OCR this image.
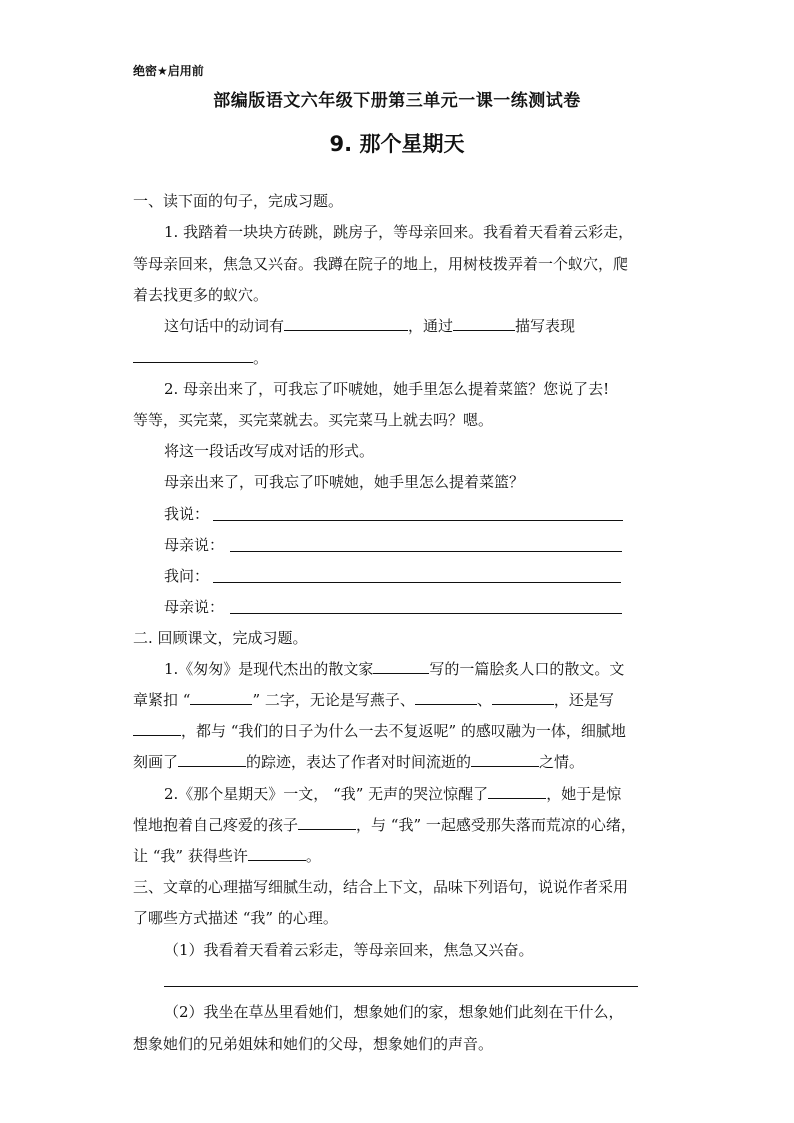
绝密★启用前
部编版语文六年级下册第三单元一课一练测试卷
9. 那个星期天
一、读下面的句子，完成习题。
1. 我踏着一块块方砖跳，跳房子，等母亲回来。我看着天看着云彩走，
等母亲回来，焦急又兴奋。我蹲在院子的地上，用树枝拨弄着一个蚁穴，爬
着去找更多的蚁穴。
这句话中的动词有	，通过	描写表现
。
2. 母亲出来了，可我忘了吓唬她，她手里怎么提着菜篮？您说了去!
等等，买完菜，买完菜就去。买完菜马上就去吗？嗯。
将这一段话改写成对话的形式。
母亲出来了，可我忘了吓唬她，她手里怎么提着菜篮？
我说：
母亲说：
我问：
母亲说：
二. 回顾课文，完成习题。
1.《匆匆》是现代杰出的散文家	写的一篇脍炙人口的散文。文
章紧扣 “	” 二字，无论是写燕子、	、	，还是写
，都与 “我们的日子为什么一去不复返呢” 的感叹融为一体，细腻地
刻画了	的踪迹，表达了作者对时间流逝的	之情。
2.《那个星期天》一文， “我” 无声的哭泣惊醒了	，她于是惊
惶地抱着自己疼爱的孩子	，与 “我” 一起感受那失落而荒凉的心绪，
让 “我” 获得些许	。
三、文章的心理描写细腻生动，结合上下文，品味下列语句，说说作者采用
了哪些方式描述 “我” 的心理。
（1）我看着天看着云彩走，等母亲回来，焦急又兴奋。
（2）我坐在草丛里看她们，想象她们的家，想象她们此刻在干什么，
想象她们的兄弟姐妹和她们的父母，想象她们的声音。
